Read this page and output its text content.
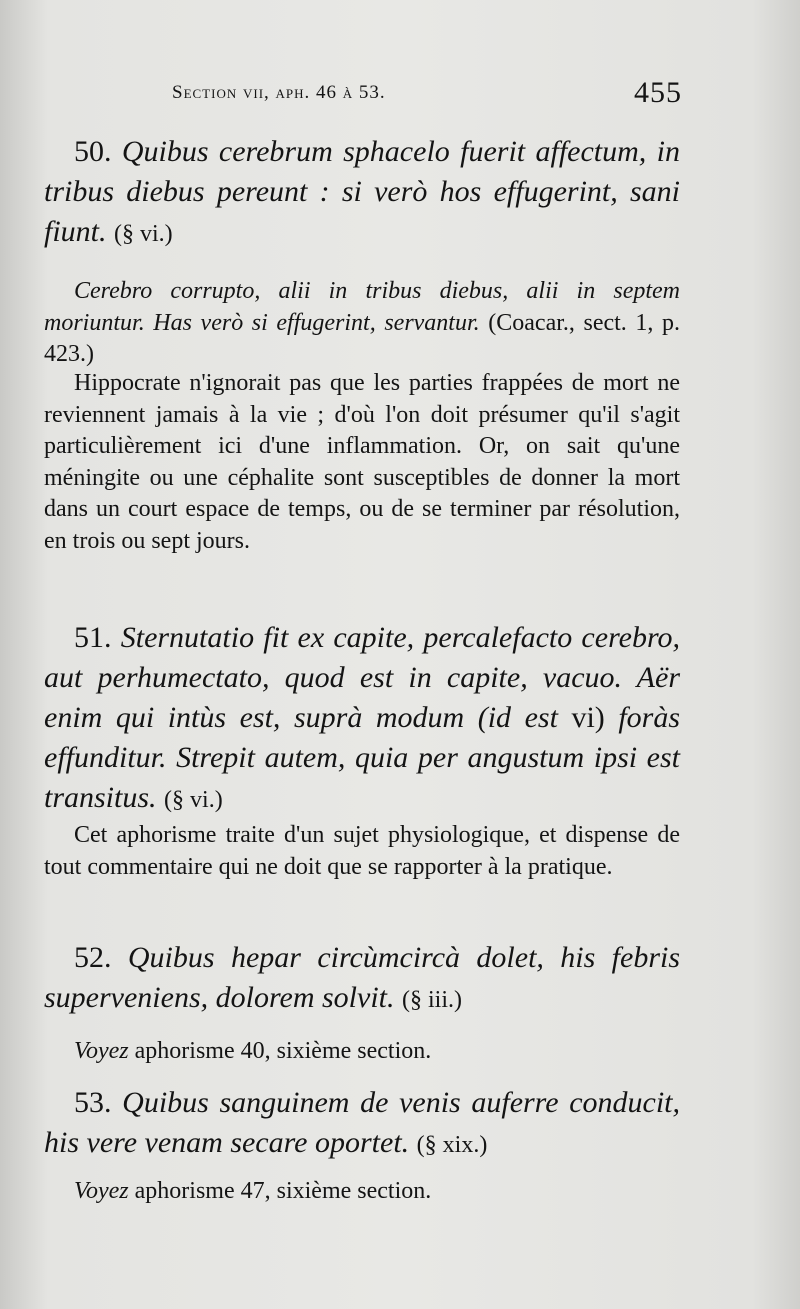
Section vii, aph. 46 à 53.	455

50. Quibus cerebrum sphacelo fuerit affectum, in tribus diebus pereunt : si verò hos effugerint, sani fiunt. (§ vi.)

Cerebro corrupto, alii in tribus diebus, alii in septem moriuntur. Has verò si effugerint, servantur. (Coacar., sect. 1, p. 423.)

Hippocrate n'ignorait pas que les parties frappées de mort ne reviennent jamais à la vie ; d'où l'on doit présumer qu'il s'agit particulièrement ici d'une inflammation. Or, on sait qu'une méningite ou une céphalite sont susceptibles de donner la mort dans un court espace de temps, ou de se terminer par résolution, en trois ou sept jours.

51. Sternutatio fit ex capite, percalefacto cerebro, aut perhumectato, quod est in capite, vacuo. Aër enim qui intùs est, suprà modum (id est vi) foràs effunditur. Strepit autem, quia per angustum ipsi est transitus. (§ vi.)

Cet aphorisme traite d'un sujet physiologique, et dispense de tout commentaire qui ne doit que se rapporter à la pratique.

52. Quibus hepar circùmcircà dolet, his febris superveniens, dolorem solvit. (§ iii.)

Voyez aphorisme 40, sixième section.

53. Quibus sanguinem de venis auferre conducit, his vere venam secare oportet. (§ xix.)

Voyez aphorisme 47, sixième section.
